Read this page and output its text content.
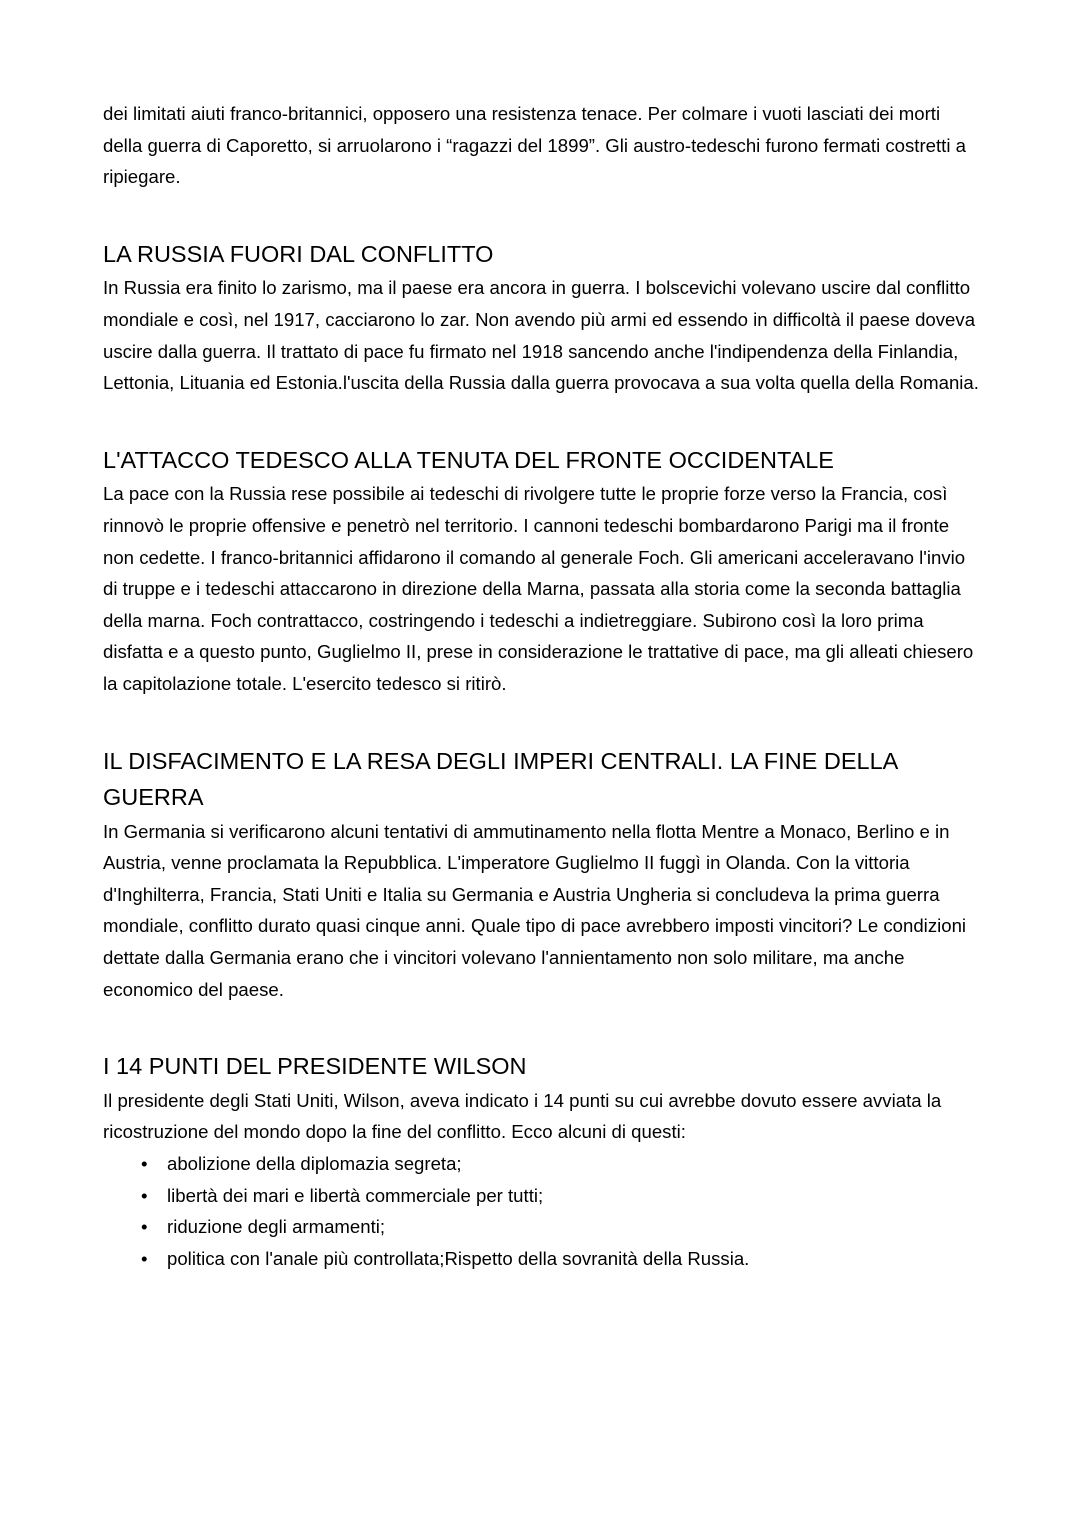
dei limitati aiuti franco-britannici, opposero una resistenza tenace. Per colmare i vuoti lasciati dei morti della guerra di Caporetto, si arruolarono i “ragazzi del 1899”. Gli austro-tedeschi furono fermati costretti a ripiegare.

LA RUSSIA FUORI DAL CONFLITTO

In Russia era finito lo zarismo, ma il paese era ancora in guerra. I bolscevichi volevano uscire dal conflitto mondiale e così, nel 1917, cacciarono lo zar. Non avendo più armi ed essendo in difficoltà il paese doveva uscire dalla guerra. Il trattato di pace fu firmato nel 1918 sancendo anche l'indipendenza della Finlandia, Lettonia, Lituania ed Estonia.l'uscita della Russia dalla guerra provocava a sua volta quella della Romania.

L'ATTACCO TEDESCO ALLA TENUTA DEL FRONTE OCCIDENTALE

La pace con la Russia rese possibile ai tedeschi di rivolgere tutte le proprie forze verso la Francia, così rinnovò le proprie offensive e penetrò nel territorio. I cannoni tedeschi bombardarono Parigi ma il fronte non cedette. I franco-britannici affidarono il comando al generale Foch. Gli americani acceleravano l'invio di truppe e i tedeschi attaccarono in direzione della Marna, passata alla storia come la seconda battaglia della marna. Foch contrattacco, costringendo i tedeschi a indietreggiare. Subirono così la loro prima disfatta e a questo punto, Guglielmo II, prese in considerazione le trattative di pace, ma gli alleati chiesero la capitolazione totale. L'esercito tedesco si ritirò.

IL DISFACIMENTO E LA RESA DEGLI IMPERI CENTRALI. LA FINE DELLA GUERRA

In Germania si verificarono alcuni tentativi di ammutinamento nella flotta Mentre a Monaco, Berlino e in Austria, venne proclamata la Repubblica. L'imperatore Guglielmo II fuggì in Olanda. Con la vittoria d'Inghilterra, Francia, Stati Uniti e Italia su Germania e Austria Ungheria si concludeva la prima guerra mondiale, conflitto durato quasi cinque anni. Quale tipo di pace avrebbero imposti vincitori? Le condizioni dettate dalla Germania erano che i vincitori volevano l'annientamento non solo militare, ma anche economico del paese.

I 14 PUNTI DEL PRESIDENTE WILSON

Il presidente degli Stati Uniti, Wilson, aveva indicato i 14 punti su cui avrebbe dovuto essere avviata la ricostruzione del mondo dopo la fine del conflitto. Ecco alcuni di questi:

• abolizione della diplomazia segreta;
• libertà dei mari e libertà commerciale per tutti;
• riduzione degli armamenti;
• politica con l'anale più controllata;Rispetto della sovranità della Russia.
